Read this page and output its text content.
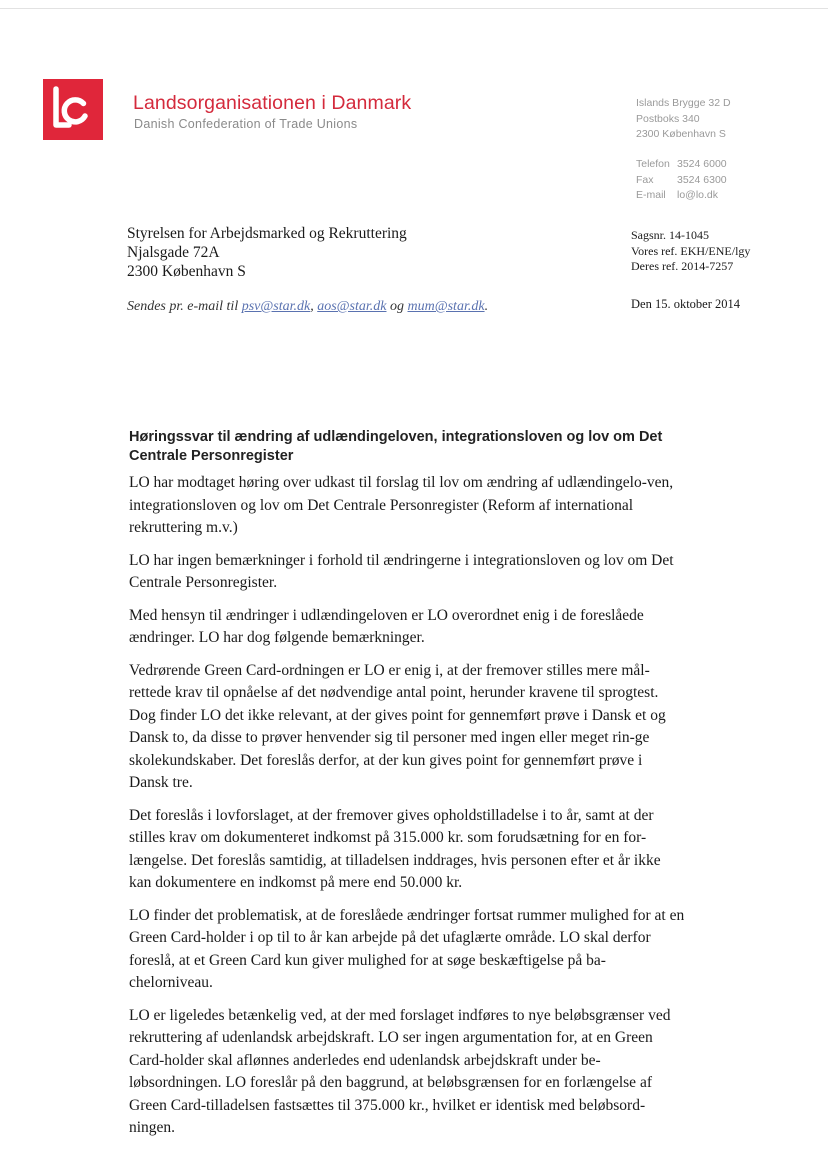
Landsorganisationen i Danmark
Danish Confederation of Trade Unions
Islands Brygge 32 D
Postboks 340
2300 København S
Telefon 3524 6000
Fax 3524 6300
E-mail lo@lo.dk
Styrelsen for Arbejdsmarked og Rekruttering
Njalsgade 72A
2300 København S
Sagsnr. 14-1045
Vores ref. EKH/ENE/lgy
Deres ref. 2014-7257
Sendes pr. e-mail til psv@star.dk, aos@star.dk og mum@star.dk.	Den 15. oktober 2014
Høringssvar til ændring af udlændingeloven, integrationsloven og lov om Det Centrale Personregister

LO har modtaget høring over udkast til forslag til lov om ændring af udlændingelo-ven, integrationsloven og lov om Det Centrale Personregister (Reform af international rekruttering m.v.)

LO har ingen bemærkninger i forhold til ændringerne i integrationsloven og lov om Det Centrale Personregister.

Med hensyn til ændringer i udlændingeloven er LO overordnet enig i de foreslåede ændringer. LO har dog følgende bemærkninger.

Vedrørende Green Card-ordningen er LO er enig i, at der fremover stilles mere mål-rettede krav til opnåelse af det nødvendige antal point, herunder kravene til sprogtest. Dog finder LO det ikke relevant, at der gives point for gennemført prøve i Dansk et og Dansk to, da disse to prøver henvender sig til personer med ingen eller meget rin-ge skolekundskaber. Det foreslås derfor, at der kun gives point for gennemført prøve i Dansk tre.

Det foreslås i lovforslaget, at der fremover gives opholdstilladelse i to år, samt at der stilles krav om dokumenteret indkomst på 315.000 kr. som forudsætning for en for-længelse. Det foreslås samtidig, at tilladelsen inddrages, hvis personen efter et år ikke kan dokumentere en indkomst på mere end 50.000 kr.

LO finder det problematisk, at de foreslåede ændringer fortsat rummer mulighed for at en Green Card-holder i op til to år kan arbejde på det ufaglærte område. LO skal derfor foreslå, at et Green Card kun giver mulighed for at søge beskæftigelse på ba-chelorniveau.

LO er ligeledes betænkelig ved, at der med forslaget indføres to nye beløbsgrænser ved rekruttering af udenlandsk arbejdskraft. LO ser ingen argumentation for, at en Green Card-holder skal aflønnes anderledes end udenlandsk arbejdskraft under be-løbsordningen. LO foreslår på den baggrund, at beløbsgrænsen for en forlængelse af Green Card-tilladelsen fastsættes til 375.000 kr., hvilket er identisk med beløbsord-ningen.
